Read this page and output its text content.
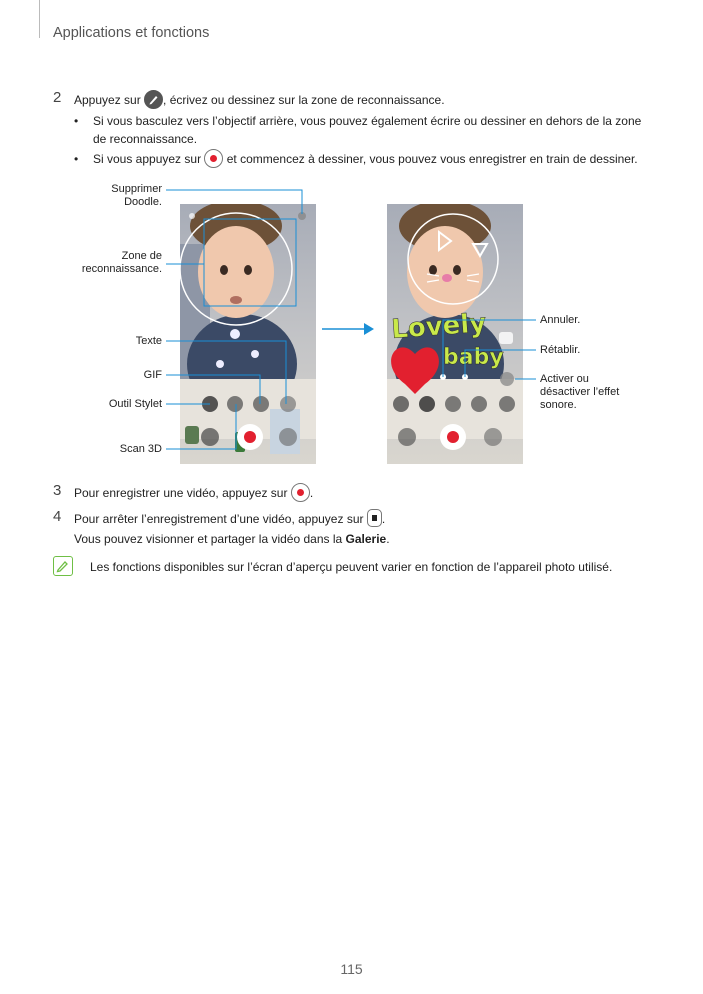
Applications et fonctions
2 Appuyez sur , écrivez ou dessinez sur la zone de reconnaissance.
• Si vous basculez vers l’objectif arrière, vous pouvez également écrire ou dessiner en dehors de la zone
de reconnaissance.
• Si vous appuyez sur et commencez à dessiner, vous pouvez vous enregistrer en train de dessiner.
Lovely
baby
Supprimer
Doodle.
Zone de
reconnaissance.
Texte
GIF
Outil Stylet
Scan 3D
Annuler.
Rétablir.
Activer ou
désactiver l’effet
sonore.
3 Pour enregistrer une vidéo, appuyez sur .
4 Pour arrêter l’enregistrement d’une vidéo, appuyez sur .
Vous pouvez visionner et partager la vidéo dans la Galerie.
Les fonctions disponibles sur l’écran d’aperçu peuvent varier en fonction de l’appareil photo utilisé.
115
